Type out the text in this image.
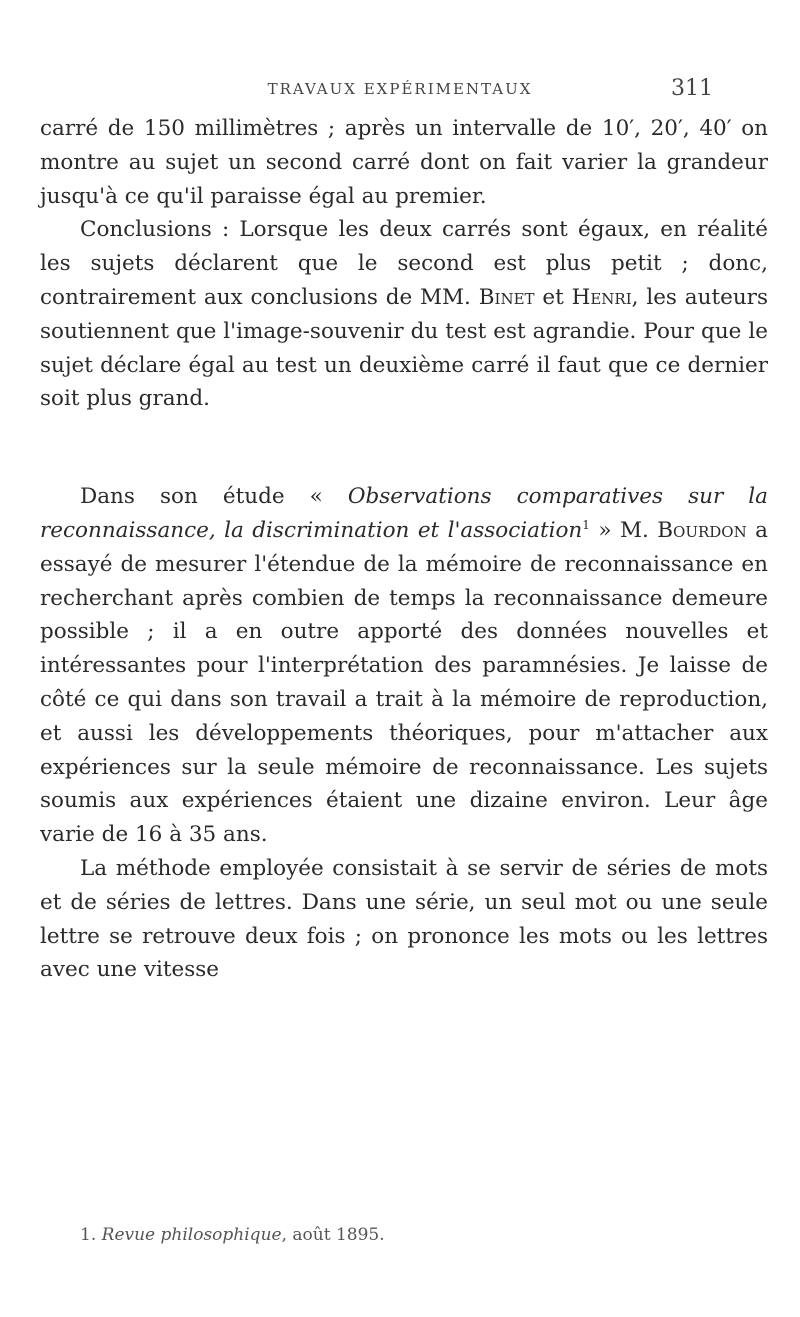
TRAVAUX EXPÉRIMENTAUX	311

carré de 150 millimètres ; après un intervalle de 10′, 20′, 40′ on montre au sujet un second carré dont on fait varier la grandeur jusqu'à ce qu'il paraisse égal au premier.

Conclusions : Lorsque les deux carrés sont égaux, en réalité les sujets déclarent que le second est plus petit ; donc, contrairement aux conclusions de MM. Binet et Henri, les auteurs soutiennent que l'image-souvenir du test est agrandie. Pour que le sujet déclare égal au test un deuxième carré il faut que ce dernier soit plus grand.

Dans son étude « Observations comparatives sur la reconnaissance, la discrimination et l'association$^1$ » M. Bourdon a essayé de mesurer l'étendue de la mémoire de reconnaissance en recherchant après combien de temps la reconnaissance demeure possible ; il a en outre apporté des données nouvelles et intéressantes pour l'interprétation des paramnésies. Je laisse de côté ce qui dans son travail a trait à la mémoire de reproduction, et aussi les développements théoriques, pour m'attacher aux expériences sur la seule mémoire de reconnaissance. Les sujets soumis aux expériences étaient une dizaine environ. Leur âge varie de 16 à 35 ans.

La méthode employée consistait à se servir de séries de mots et de séries de lettres. Dans une série, un seul mot ou une seule lettre se retrouve deux fois ; on prononce les mots ou les lettres avec une vitesse

1. Revue philosophique, août 1895.
